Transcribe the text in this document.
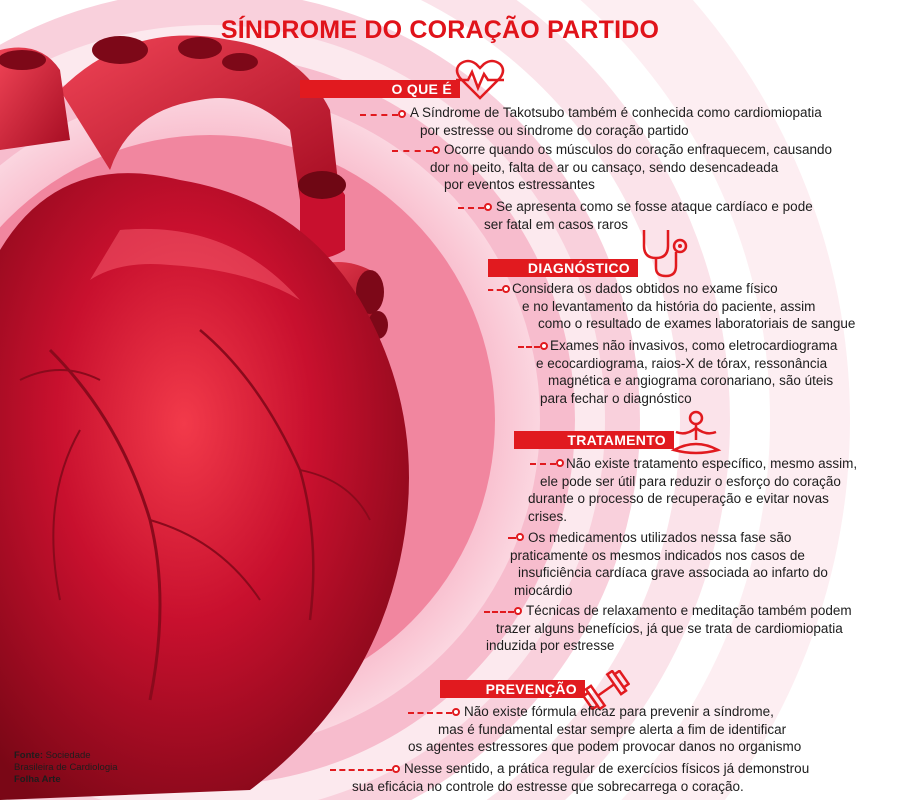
SÍNDROME DO CORAÇÃO PARTIDO
O QUE É
A Síndrome de Takotsubo também é conhecida como cardiomiopatia
por estresse ou síndrome do coração partido
Ocorre quando os músculos do coração enfraquecem, causando
dor no peito, falta de ar ou cansaço, sendo desencadeada
por eventos estressantes
Se apresenta como se fosse ataque cardíaco e pode
ser fatal em casos raros
DIAGNÓSTICO
Considera os dados obtidos no exame físico
e no levantamento da história do paciente, assim
como o resultado de exames laboratoriais de sangue
Exames não invasivos, como eletrocardiograma
e ecocardiograma, raios-X de tórax, ressonância
magnética e angiograma coronariano, são úteis
para fechar o diagnóstico
TRATAMENTO
Não existe tratamento específico, mesmo assim,
ele pode ser útil para reduzir o esforço do coração
durante o processo de recuperação e evitar novas
crises.
Os medicamentos utilizados nessa fase são
praticamente os mesmos indicados nos casos de
insuficiência cardíaca grave associada ao infarto do
miocárdio
Técnicas de relaxamento e meditação também podem
trazer alguns benefícios, já que se trata de cardiomiopatia
induzida por estresse
PREVENÇÃO
Não existe fórmula eficaz para prevenir a síndrome,
mas é fundamental estar sempre alerta a fim de identificar
os agentes estressores que podem provocar danos no organismo
Nesse sentido, a prática regular de exercícios físicos já demonstrou
sua eficácia no controle do estresse que sobrecarrega o coração.
Fonte: Sociedade
Brasileira de Cardiologia
Folha Arte
